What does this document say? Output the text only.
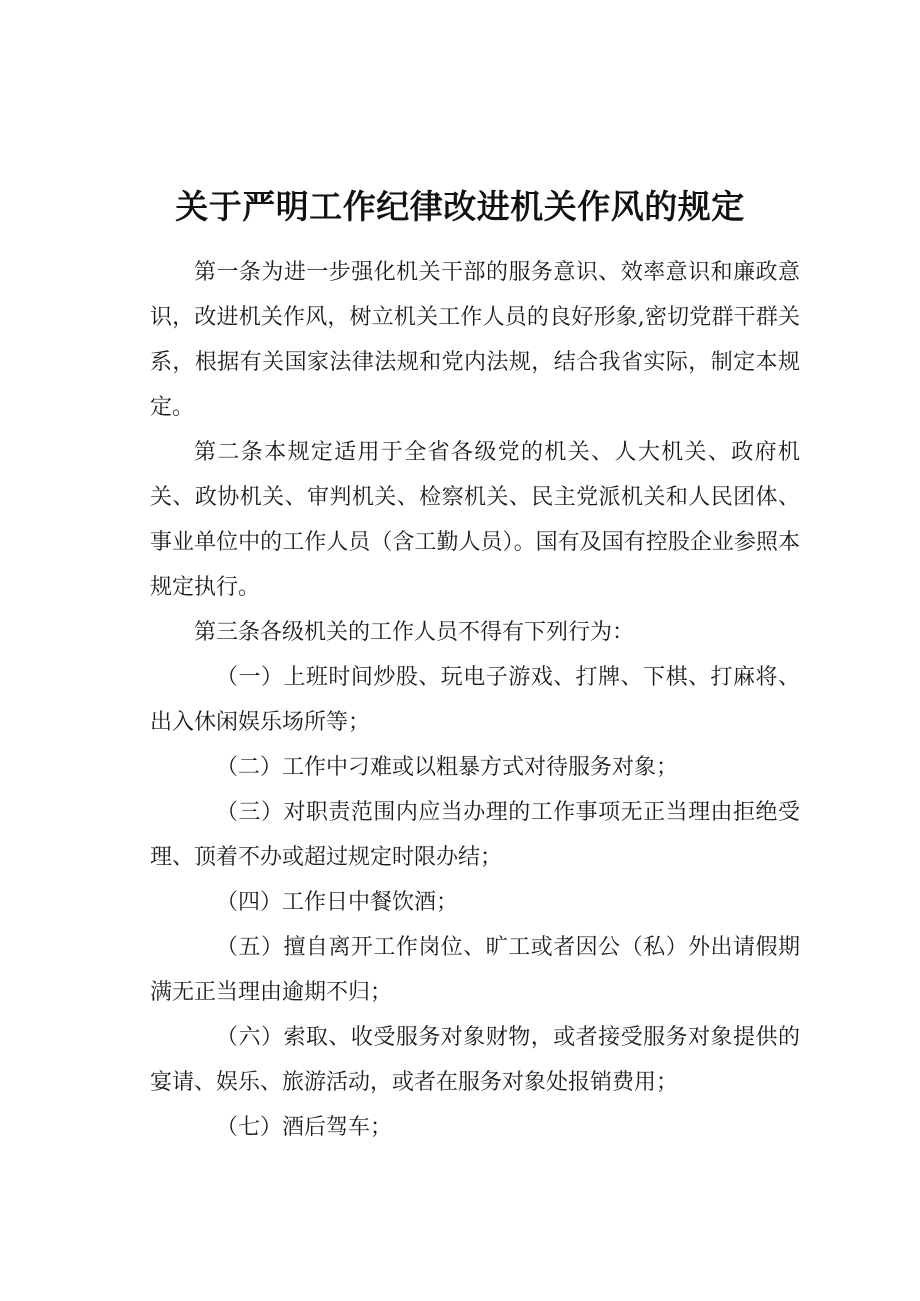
关于严明工作纪律改进机关作风的规定

第一条为进一步强化机关干部的服务意识、效率意识和廉政意识，改进机关作风，树立机关工作人员的良好形象,密切党群干群关系，根据有关国家法律法规和党内法规，结合我省实际，制定本规定。

第二条本规定适用于全省各级党的机关、人大机关、政府机关、政协机关、审判机关、检察机关、民主党派机关和人民团体、事业单位中的工作人员（含工勤人员）。国有及国有控股企业参照本规定执行。

第三条各级机关的工作人员不得有下列行为：

（一）上班时间炒股、玩电子游戏、打牌、下棋、打麻将、出入休闲娱乐场所等；

（二）工作中刁难或以粗暴方式对待服务对象；

（三）对职责范围内应当办理的工作事项无正当理由拒绝受理、顶着不办或超过规定时限办结；

（四）工作日中餐饮酒；

（五）擅自离开工作岗位、旷工或者因公（私）外出请假期满无正当理由逾期不归；

（六）索取、收受服务对象财物，或者接受服务对象提供的宴请、娱乐、旅游活动，或者在服务对象处报销费用；

（七）酒后驾车；
